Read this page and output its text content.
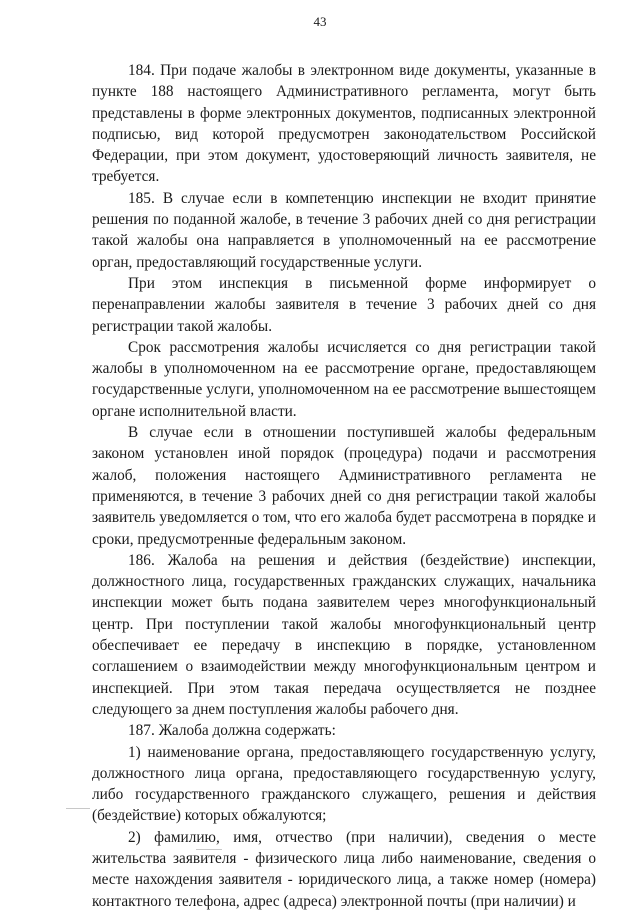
43

184. При подаче жалобы в электронном виде документы, указанные в пункте 188 настоящего Административного регламента, могут быть представлены в форме электронных документов, подписанных электронной подписью, вид которой предусмотрен законодательством Российской Федерации, при этом документ, удостоверяющий личность заявителя, не требуется.

185. В случае если в компетенцию инспекции не входит принятие решения по поданной жалобе, в течение 3 рабочих дней со дня регистрации такой жалобы она направляется в уполномоченный на ее рассмотрение орган, предоставляющий государственные услуги.

При этом инспекция в письменной форме информирует о перенаправлении жалобы заявителя в течение 3 рабочих дней со дня регистрации такой жалобы.

Срок рассмотрения жалобы исчисляется со дня регистрации такой жалобы в уполномоченном на ее рассмотрение органе, предоставляющем государственные услуги, уполномоченном на ее рассмотрение вышестоящем органе исполнительной власти.

В случае если в отношении поступившей жалобы федеральным законом установлен иной порядок (процедура) подачи и рассмотрения жалоб, положения настоящего Административного регламента не применяются, в течение 3 рабочих дней со дня регистрации такой жалобы заявитель уведомляется о том, что его жалоба будет рассмотрена в порядке и сроки, предусмотренные федеральным законом.

186. Жалоба на решения и действия (бездействие) инспекции, должностного лица, государственных гражданских служащих, начальника инспекции может быть подана заявителем через многофункциональный центр. При поступлении такой жалобы многофункциональный центр обеспечивает ее передачу в инспекцию в порядке, установленном соглашением о взаимодействии между многофункциональным центром и инспекцией. При этом такая передача осуществляется не позднее следующего за днем поступления жалобы рабочего дня.

187. Жалоба должна содержать:

1) наименование органа, предоставляющего государственную услугу, должностного лица органа, предоставляющего государственную услугу, либо государственного гражданского служащего, решения и действия (бездействие) которых обжалуются;

2) фамилию, имя, отчество (при наличии), сведения о месте жительства заявителя - физического лица либо наименование, сведения о месте нахождения заявителя - юридического лица, а также номер (номера) контактного телефона, адрес (адреса) электронной почты (при наличии) и
